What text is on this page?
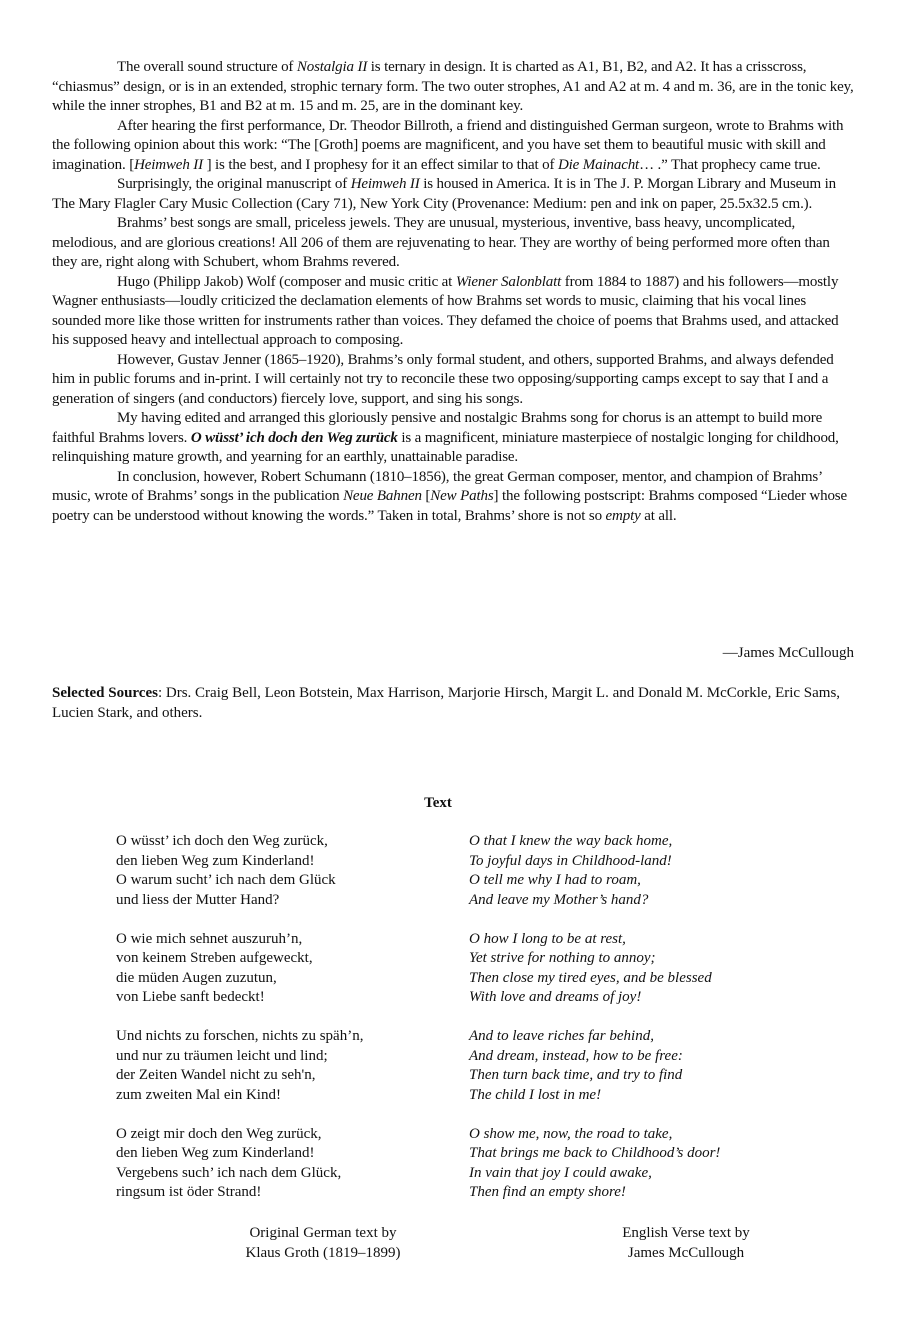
The overall sound structure of Nostalgia II is ternary in design. It is charted as A1, B1, B2, and A2. It has a crisscross, “chiasmus” design, or is in an extended, strophic ternary form. The two outer strophes, A1 and A2 at m. 4 and m. 36, are in the tonic key, while the inner strophes, B1 and B2 at m. 15 and m. 25, are in the dominant key.

After hearing the first performance, Dr. Theodor Billroth, a friend and distinguished German surgeon, wrote to Brahms with the following opinion about this work: “The [Groth] poems are magnificent, and you have set them to beautiful music with skill and imagination. [Heimweh II ] is the best, and I prophesy for it an effect similar to that of Die Mainacht… .” That prophecy came true.

Surprisingly, the original manuscript of Heimweh II is housed in America. It is in The J. P. Morgan Library and Museum in The Mary Flagler Cary Music Collection (Cary 71), New York City (Provenance: Medium: pen and ink on paper, 25.5x32.5 cm.).

Brahms’ best songs are small, priceless jewels. They are unusual, mysterious, inventive, bass heavy, uncomplicated, melodious, and are glorious creations! All 206 of them are rejuvenating to hear. They are worthy of being performed more often than they are, right along with Schubert, whom Brahms revered.

Hugo (Philipp Jakob) Wolf (composer and music critic at Wiener Salonblatt from 1884 to 1887) and his followers—mostly Wagner enthusiasts—loudly criticized the declamation elements of how Brahms set words to music, claiming that his vocal lines sounded more like those written for instruments rather than voices. They defamed the choice of poems that Brahms used, and attacked his supposed heavy and intellectual approach to composing.

However, Gustav Jenner (1865–1920), Brahms’s only formal student, and others, supported Brahms, and always defended him in public forums and in-print. I will certainly not try to reconcile these two opposing/supporting camps except to say that I and a generation of singers (and conductors) fiercely love, support, and sing his songs.

My having edited and arranged this gloriously pensive and nostalgic Brahms song for chorus is an attempt to build more faithful Brahms lovers. O wüsst’ ich doch den Weg zurück is a magnificent, miniature masterpiece of nostalgic longing for childhood, relinquishing mature growth, and yearning for an earthly, unattainable paradise.

In conclusion, however, Robert Schumann (1810–1856), the great German composer, mentor, and champion of Brahms’ music, wrote of Brahms’ songs in the publication Neue Bahnen [New Paths] the following postscript: Brahms composed “Lieder whose poetry can be understood without knowing the words.” Taken in total, Brahms’ shore is not so empty at all.

—James McCullough
Selected Sources: Drs. Craig Bell, Leon Botstein, Max Harrison, Marjorie Hirsch, Margit L. and Donald M. McCorkle, Eric Sams, Lucien Stark, and others.
Text
O wüsst’ ich doch den Weg zurück,
den lieben Weg zum Kinderland!
O warum sucht’ ich nach dem Glück
und liess der Mutter Hand?
O wie mich sehnet auszuruh’n,
von keinem Streben aufgeweckt,
die müden Augen zuzutun,
von Liebe sanft bedeckt!
Und nichts zu forschen, nichts zu späh’n,
und nur zu träumen leicht und lind;
der Zeiten Wandel nicht zu seh'n,
zum zweiten Mal ein Kind!
O zeigt mir doch den Weg zurück,
den lieben Weg zum Kinderland!
Vergebens such’ ich nach dem Glück,
ringsum ist öder Strand!
O that I knew the way back home,
To joyful days in Childhood-land!
O tell me why I had to roam,
And leave my Mother’s hand?
O how I long to be at rest,
Yet strive for nothing to annoy;
Then close my tired eyes, and be blessed
With love and dreams of joy!
And to leave riches far behind,
And dream, instead, how to be free:
Then turn back time, and try to find
The child I lost in me!
O show me, now, the road to take,
That brings me back to Childhood’s door!
In vain that joy I could awake,
Then find an empty shore!
Original German text by
Klaus Groth (1819–1899)
English Verse text by
James McCullough
